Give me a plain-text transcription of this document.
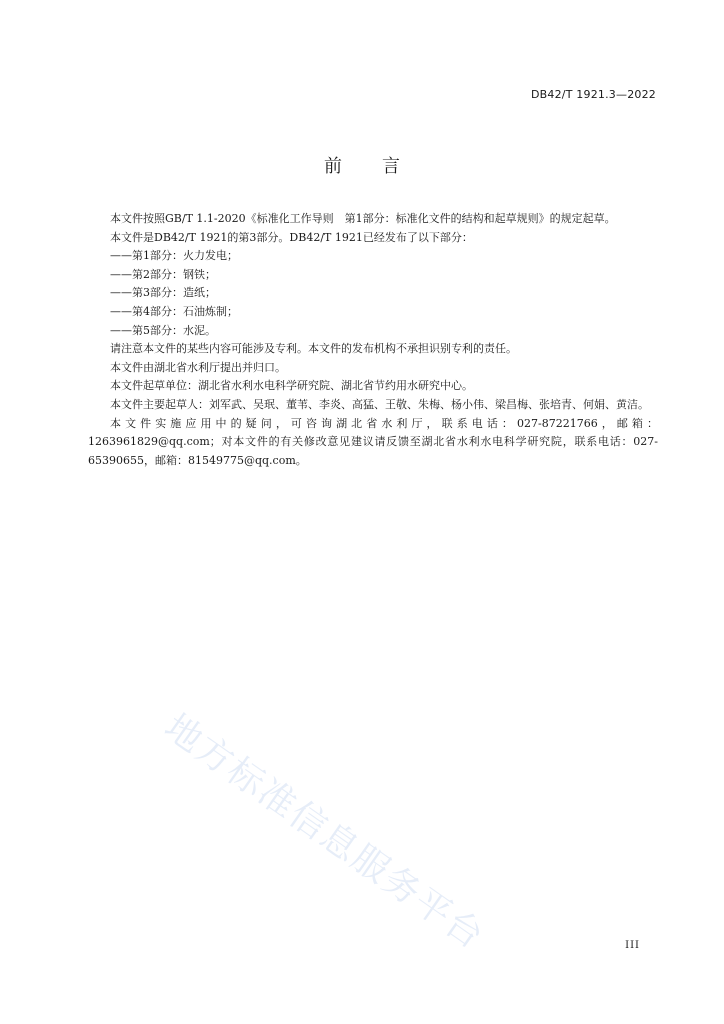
DB42/T 1921.3—2022
前 言

本文件按照GB/T 1.1-2020《标准化工作导则　第1部分：标准化文件的结构和起草规则》的规定起草。

本文件是DB42/T 1921的第3部分。DB42/T 1921已经发布了以下部分：

——第1部分：火力发电；

——第2部分：钢铁；

——第3部分：造纸；

——第4部分：石油炼制；

——第5部分：水泥。

请注意本文件的某些内容可能涉及专利。本文件的发布机构不承担识别专利的责任。

本文件由湖北省水利厅提出并归口。

本文件起草单位：湖北省水利水电科学研究院、湖北省节约用水研究中心。

本文件主要起草人：刘军武、吴珉、董苇、李炎、高猛、王敬、朱梅、杨小伟、梁昌梅、张培青、何娟、黄洁。

本文件实施应用中的疑问，可咨询湖北省水利厅，联系电话：027-87221766，邮箱：1263961829@qq.com；对本文件的有关修改意见建议请反馈至湖北省水利水电科学研究院，联系电话：027-65390655，邮箱：81549775@qq.com。

地方标准信息服务平台	III
